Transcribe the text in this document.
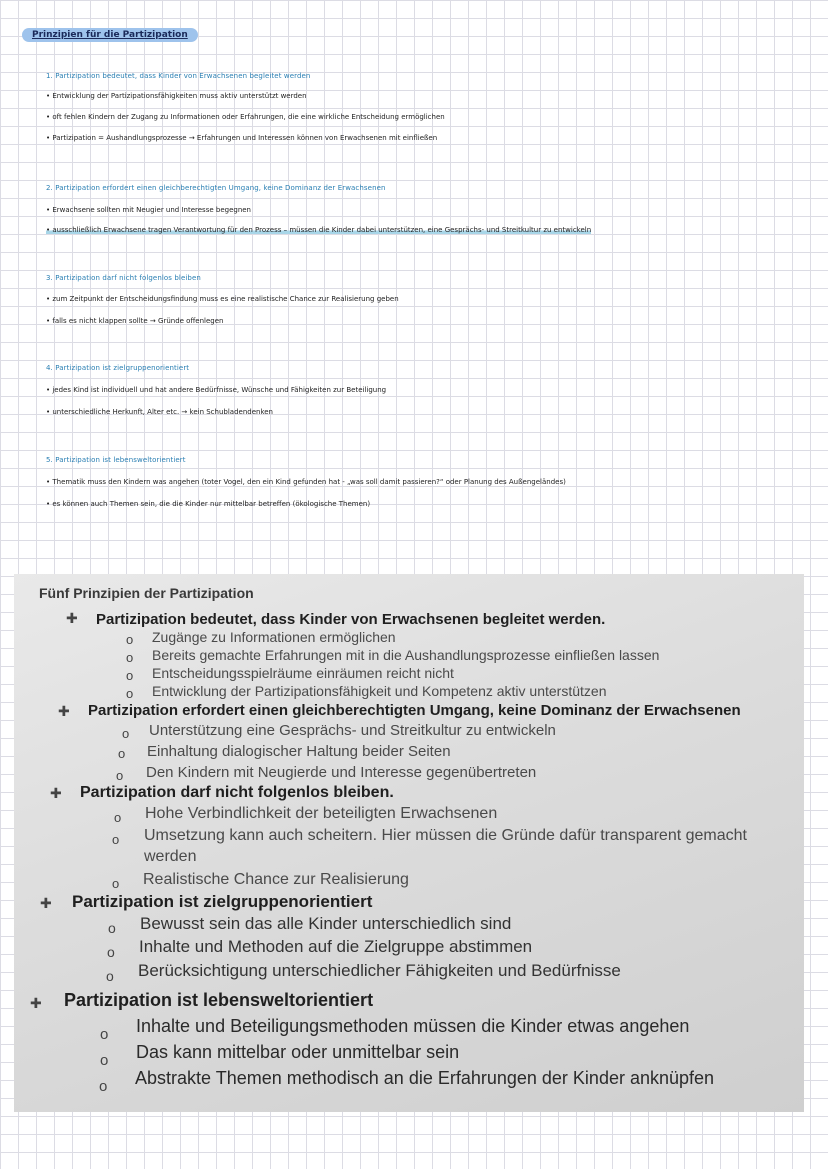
Prinzipien für die Partizipation
1. Partizipation bedeutet, dass Kinder von Erwachsenen begleitet werden
• Entwicklung der Partizipationsfähigkeiten muss aktiv unterstützt werden
• oft fehlen Kindern der Zugang zu Informationen oder Erfahrungen, die eine wirkliche Entscheidung ermöglichen
• Partizipation = Aushandlungsprozesse → Erfahrungen und Interessen können von Erwachsenen mit einfließen
2. Partizipation erfordert einen gleichberechtigten Umgang, keine Dominanz der Erwachsenen
• Erwachsene sollten mit Neugier und Interesse begegnen
• ausschließlich Erwachsene tragen Verantwortung für den Prozess – müssen die Kinder dabei unterstützen, eine Gesprächs- und Streitkultur zu entwickeln
3. Partizipation darf nicht folgenlos bleiben
• zum Zeitpunkt der Entscheidungsfindung muss es eine realistische Chance zur Realisierung geben
• falls es nicht klappen sollte → Gründe offenlegen
4. Partizipation ist zielgruppenorientiert
• jedes Kind ist individuell und hat andere Bedürfnisse, Wünsche und Fähigkeiten zur Beteiligung
• unterschiedliche Herkunft, Alter etc. → kein Schubladendenken
5. Partizipation ist lebensweltorientiert
• Thematik muss den Kindern was angehen (toter Vogel, den ein Kind gefunden hat - „was soll damit passieren?“ oder Planung des Außengeländes)
• es können auch Themen sein, die die Kinder nur mittelbar betreffen (ökologische Themen)
Fünf Prinzipien der Partizipation
✚ Partizipation bedeutet, dass Kinder von Erwachsenen begleitet werden.
o Zugänge zu Informationen ermöglichen
o Bereits gemachte Erfahrungen mit in die Aushandlungsprozesse einfließen lassen
o Entscheidungsspielräume einräumen reicht nicht
o Entwicklung der Partizipationsfähigkeit und Kompetenz aktiv unterstützen
✚ Partizipation erfordert einen gleichberechtigten Umgang, keine Dominanz der Erwachsenen
o Unterstützung eine Gesprächs- und Streitkultur zu entwickeln
o Einhaltung dialogischer Haltung beider Seiten
o Den Kindern mit Neugierde und Interesse gegenübertreten
✚ Partizipation darf nicht folgenlos bleiben.
o Hohe Verbindlichkeit der beteiligten Erwachsenen
o Umsetzung kann auch scheitern. Hier müssen die Gründe dafür transparent gemacht
werden
o Realistische Chance zur Realisierung
✚ Partizipation ist zielgruppenorientiert
o Bewusst sein das alle Kinder unterschiedlich sind
o Inhalte und Methoden auf die Zielgruppe abstimmen
o Berücksichtigung unterschiedlicher Fähigkeiten und Bedürfnisse
✚ Partizipation ist lebensweltorientiert
o Inhalte und Beteiligungsmethoden müssen die Kinder etwas angehen
o Das kann mittelbar oder unmittelbar sein
o Abstrakte Themen methodisch an die Erfahrungen der Kinder anknüpfen
